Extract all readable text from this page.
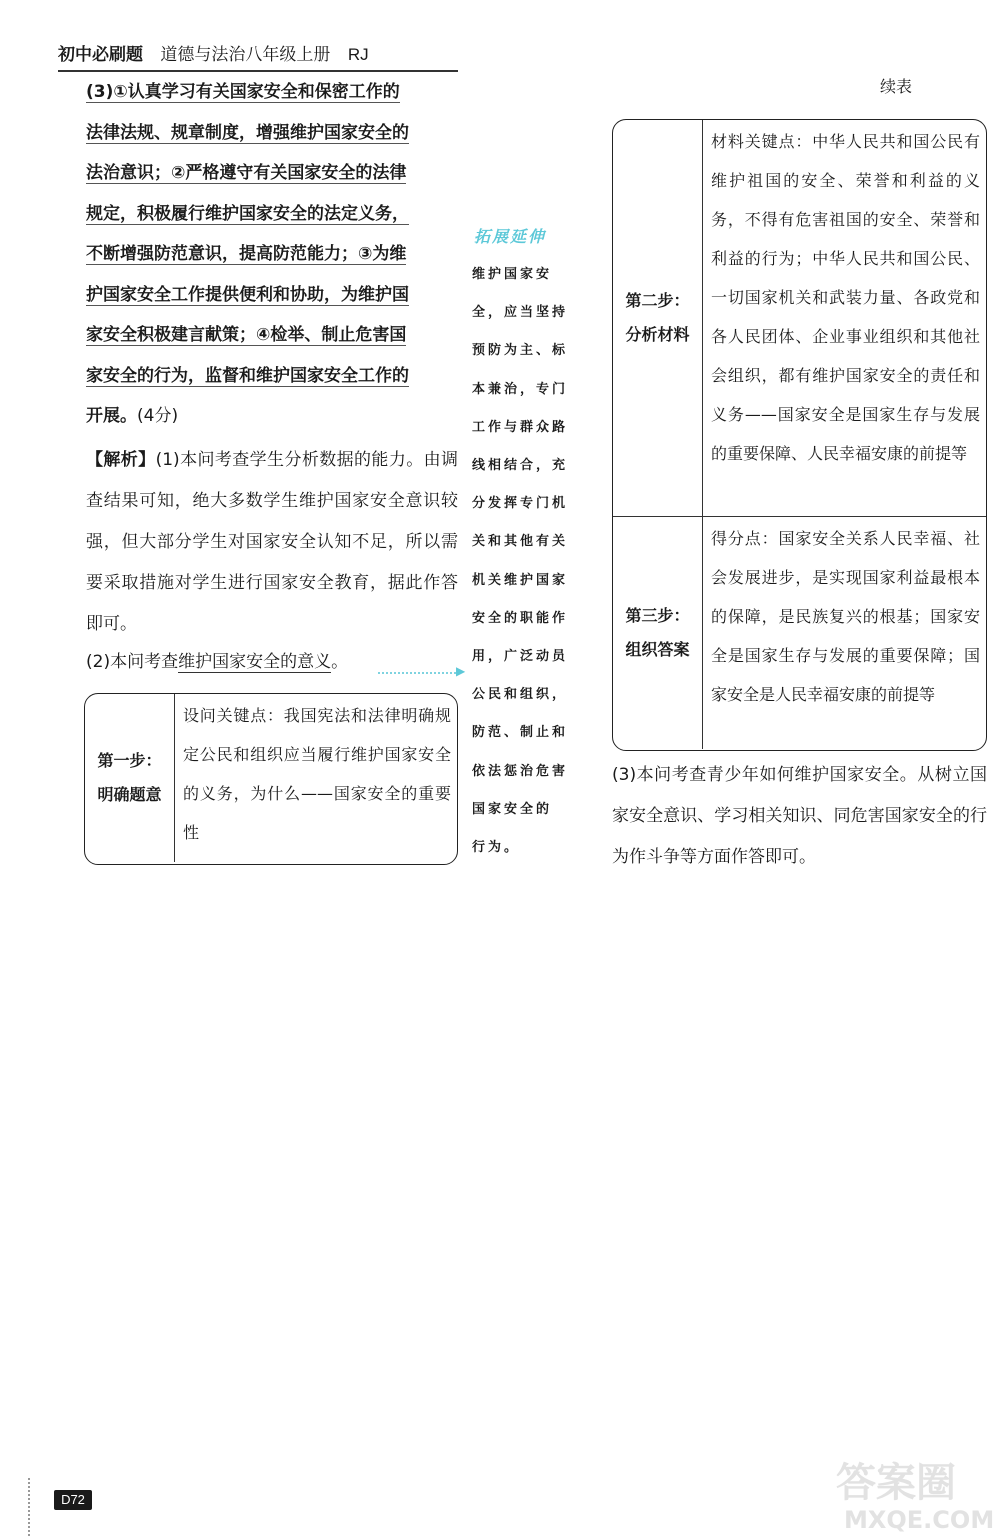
初中必刷题 道德与法治八年级上册 RJ
续表
(3)①认真学习有关国家安全和保密工作的
法律法规、规章制度，增强维护国家安全的
法治意识；②严格遵守有关国家安全的法律
规定，积极履行维护国家安全的法定义务，
不断增强防范意识，提高防范能力；③为维
护国家安全工作提供便利和协助，为维护国
家安全积极建言献策；④检举、制止危害国
家安全的行为，监督和维护国家安全工作的
开展。(4分)
【解析】(1)本问考查学生分析数据的能力。由调查结果可知，绝大多数学生维护国家安全意识较强，但大部分学生对国家安全认知不足，所以需要采取措施对学生进行国家安全教育，据此作答即可。
(2)本问考查维护国家安全的意义。	▶
第一步：
明确题意
设问关键点：我国宪法和法律明确规定公民和组织应当履行维护国家安全的义务，为什么——国家安全的重要性
拓展延伸
维护国家安
全，应当坚持
预防为主、标
本兼治，专门
工作与群众路
线相结合，充
分发挥专门机
关和其他有关
机关维护国家
安全的职能作
用，广泛动员
公民和组织，
防范、制止和
依法惩治危害
国家安全的
行为。
第二步：
分析材料
材料关键点：中华人民共和国公民有维护祖国的安全、荣誉和利益的义务，不得有危害祖国的安全、荣誉和利益的行为；中华人民共和国公民、一切国家机关和武装力量、各政党和各人民团体、企业事业组织和其他社会组织，都有维护国家安全的责任和义务——国家安全是国家生存与发展的重要保障、人民幸福安康的前提等
第三步：
组织答案
得分点：国家安全关系人民幸福、社会发展进步，是实现国家利益最根本的保障，是民族复兴的根基；国家安全是国家生存与发展的重要保障；国家安全是人民幸福安康的前提等
(3)本问考查青少年如何维护国家安全。从树立国家安全意识、学习相关知识、同危害国家安全的行为作斗争等方面作答即可。
D72	答案圈
MXQE.COM
